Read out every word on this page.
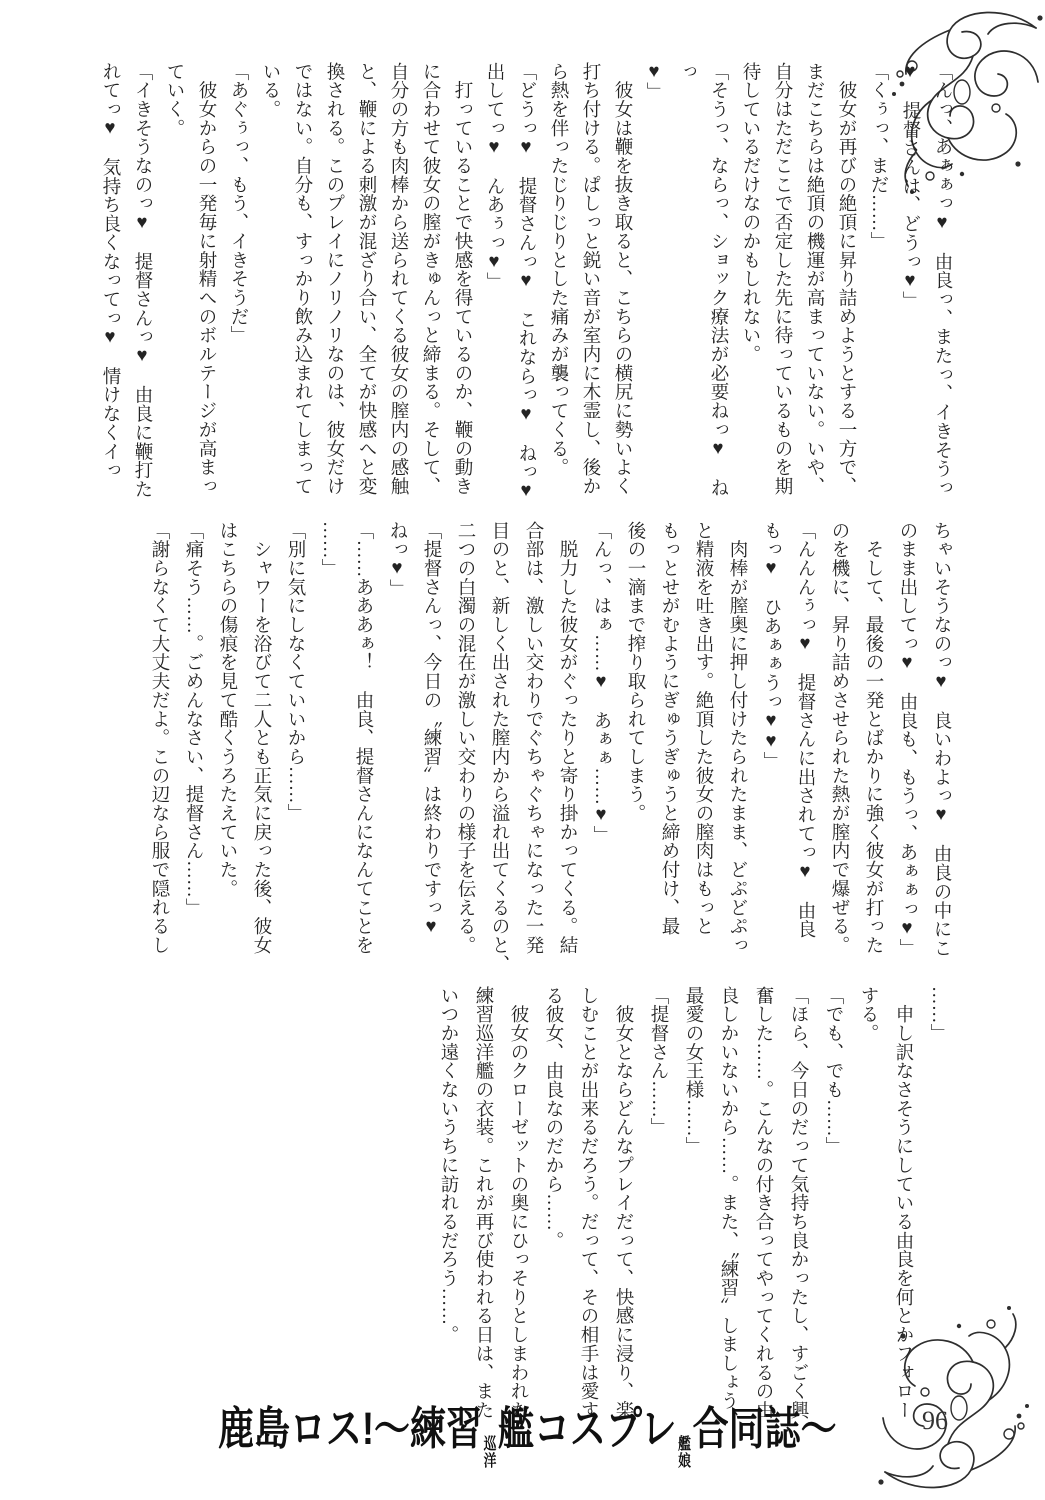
「んっ、あぁぁっ♥　由良っ、またっ、イきそうっ
♥　提督さんは、どうっ♥」
「くぅっ、まだ……」
　彼女が再びの絶頂に昇り詰めようとする一方で、
まだこちらは絶頂の機運が高まっていない。いや、
自分はただここで否定した先に待っているものを期
待しているだけなのかもしれない。
「そうっ、ならっ、ショック療法が必要ねっ♥　ねっ
♥」
　彼女は鞭を抜き取ると、こちらの横尻に勢いよく
打ち付ける。ぱしっと鋭い音が室内に木霊し、後か
ら熱を伴ったじりじりとした痛みが襲ってくる。
「どうっ♥　提督さんっ♥　これならっ♥　ねっ♥
出してっ♥　んあぅっ♥」
　打っていることで快感を得ているのか、鞭の動き
に合わせて彼女の膣がきゅんっと締まる。そして、
自分の方も肉棒から送られてくる彼女の膣内の感触
と、鞭による刺激が混ざり合い、全てが快感へと変
換される。このプレイにノリノリなのは、彼女だけ
ではない。自分も、すっかり飲み込まれてしまって
いる。
「あぐぅっ、もう、イきそうだ」
　彼女からの一発毎に射精へのボルテージが高まっ
ていく。
「イきそうなのっ♥　提督さんっ♥　由良に鞭打た
れてっ♥　気持ち良くなってっ♥　情けなくイっ
ちゃいそうなのっ♥　良いわよっ♥　由良の中にこ
のまま出してっ♥　由良も、もうっ、あぁぁっ♥」
　そして、最後の一発とばかりに強く彼女が打った
のを機に、昇り詰めさせられた熱が膣内で爆ぜる。
「んんんぅっ♥　提督さんに出されてっ♥　由良
もっ♥　ひあぁぁうっ♥♥」
　肉棒が膣奥に押し付けたられたまま、どぷどぷっ
と精液を吐き出す。絶頂した彼女の膣肉はもっと
もっとせがむようにぎゅうぎゅうと締め付け、最
後の一滴まで搾り取られてしまう。
「んっ、はぁ……♥　あぁぁ……♥」
　脱力した彼女がぐったりと寄り掛かってくる。結
合部は、激しい交わりでぐちゃぐちゃになった一発
目のと、新しく出された膣内から溢れ出てくるのと、
二つの白濁の混在が激しい交わりの様子を伝える。
「提督さんっ、今日の〝練習〟は終わりですっ♥
ねっ♥」
「……あああぁ！　由良、提督さんになんてことを
……」
「別に気にしなくていいから……」
　シャワーを浴びて二人とも正気に戻った後、彼女
はこちらの傷痕を見て酷くうろたえていた。
「痛そう……。ごめんなさい、提督さん……」
「謝らなくて大丈夫だよ。この辺なら服で隠れるし
……」
　申し訳なさそうにしている由良を何とかフォロー
する。
「でも、でも……」
「ほら、今日のだって気持ち良かったし、すごく興
奮した……。こんなの付き合ってやってくれるの由
良しかいないから……。また、〝練習〟しましょう、
最愛の女王様……」
「提督さん……」
　彼女とならどんなプレイだって、快感に浸り、楽
しむことが出来るだろう。だって、その相手は愛す
る彼女、由良なのだから……。
　彼女のクローゼットの奥にひっそりとしまわれた
練習巡洋艦の衣装。これが再び使われる日は、また
いつか遠くないうちに訪れるだろう……。
96
鹿島ロス!～練習 巡
洋
艦コスプレ 艦
娘
合同誌～
